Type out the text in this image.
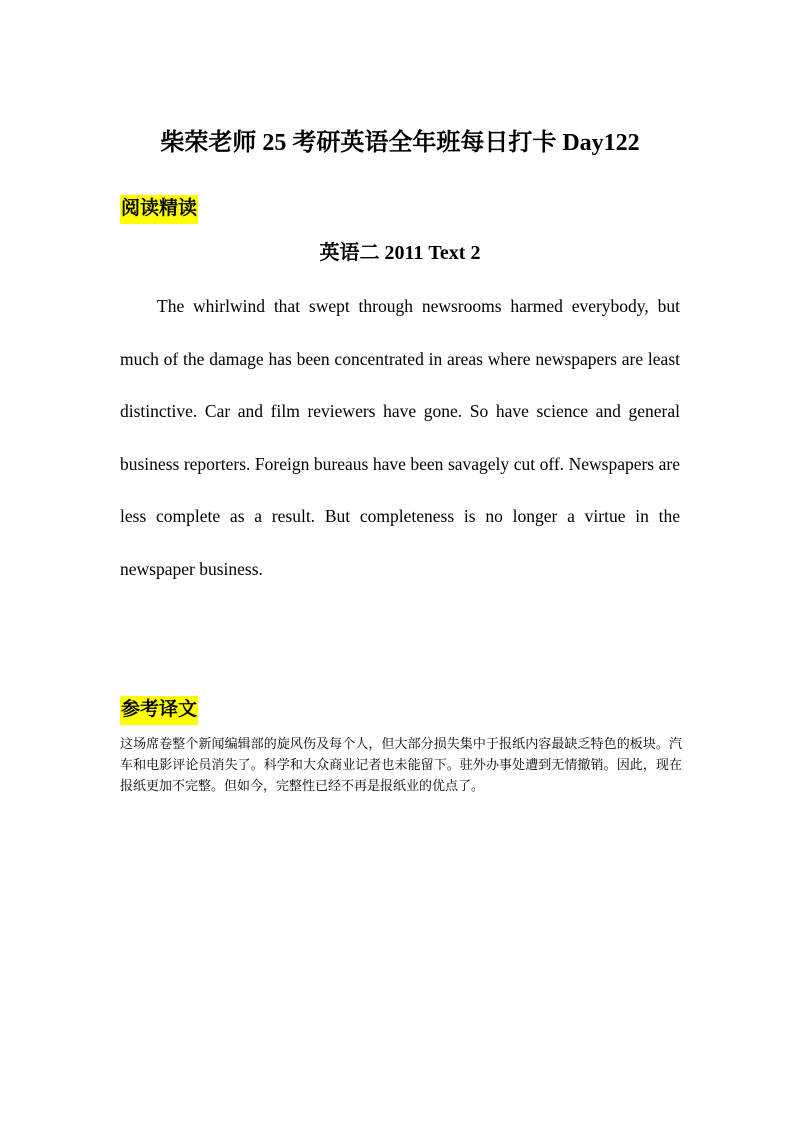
柴荣老师 25 考研英语全年班每日打卡 Day122
阅读精读
英语二 2011 Text 2

The whirlwind that swept through newsrooms harmed everybody, but much of the damage has been concentrated in areas where newspapers are least distinctive. Car and film reviewers have gone. So have science and general business reporters. Foreign bureaus have been savagely cut off. Newspapers are less complete as a result. But completeness is no longer a virtue in the newspaper business.

参考译文

这场席卷整个新闻编辑部的旋风伤及每个人，但大部分损失集中于报纸内容最缺乏特色的板块。汽车和电影评论员消失了。科学和大众商业记者也未能留下。驻外办事处遭到无情撤销。因此，现在报纸更加不完整。但如今，完整性已经不再是报纸业的优点了。
